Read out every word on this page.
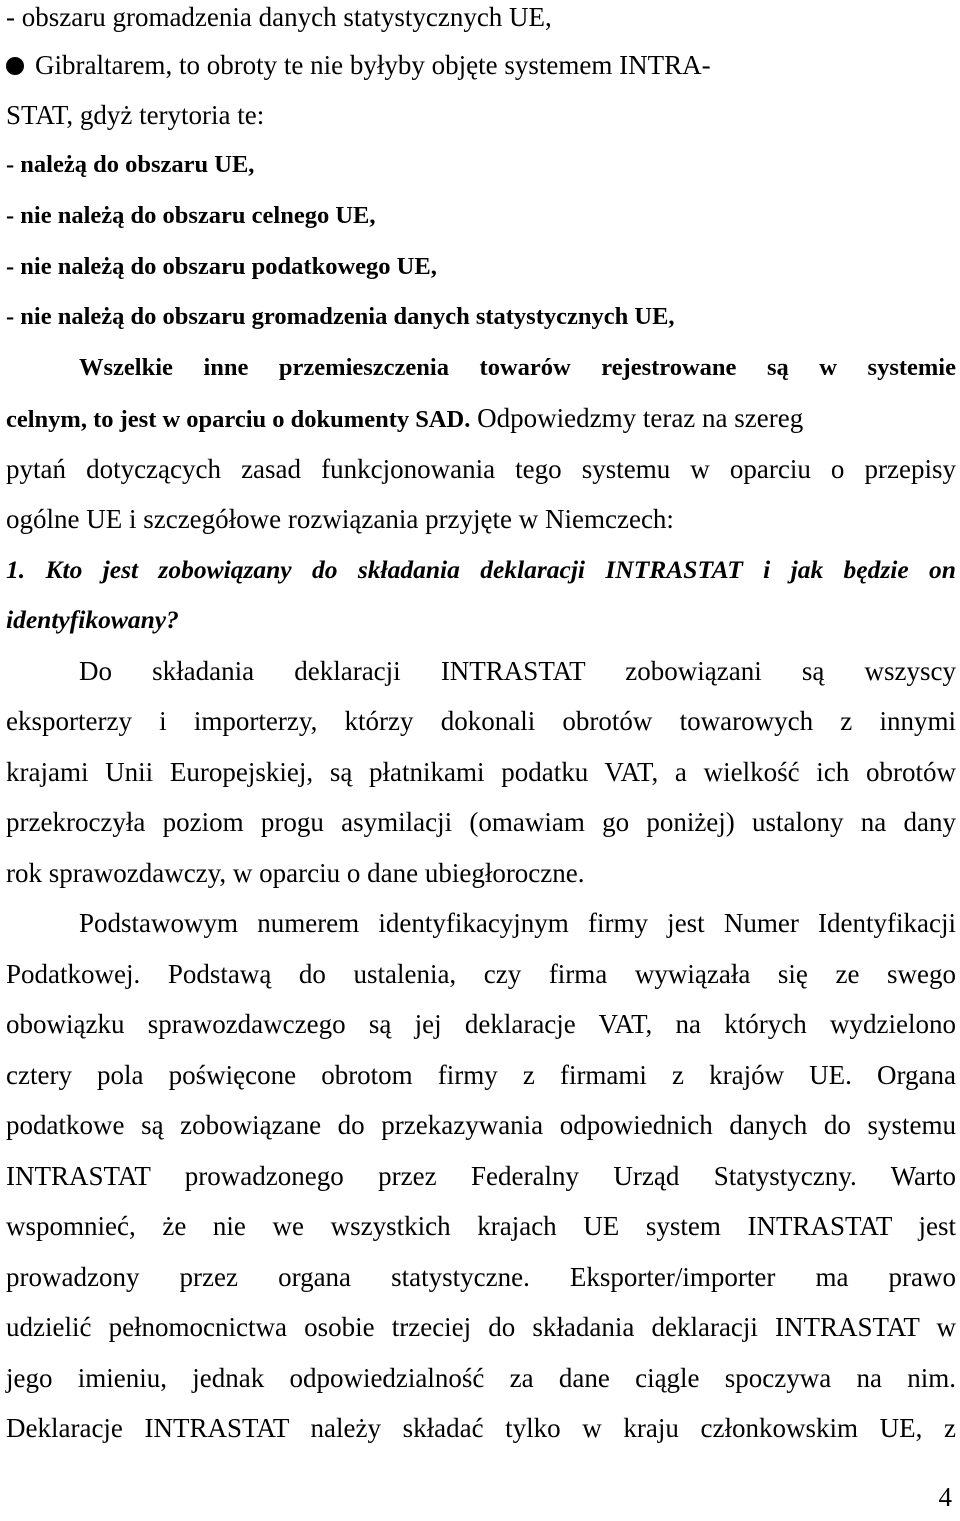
- obszaru gromadzenia danych statystycznych UE,
Gibraltarem, to obroty te nie byłyby objęte systemem INTRA-
STAT, gdyż terytoria te:
- należą do obszaru UE,
- nie należą do obszaru celnego UE,
- nie należą do obszaru podatkowego UE,
- nie należą do obszaru gromadzenia danych statystycznych UE,
Wszelkie inne przemieszczenia towarów rejestrowane są w systemie
celnym, to jest w oparciu o dokumenty SAD. Odpowiedzmy teraz na szereg
pytań dotyczących zasad funkcjonowania tego systemu w oparciu o przepisy
ogólne UE i szczegółowe rozwiązania przyjęte w Niemczech:
1. Kto jest zobowiązany do składania deklaracji INTRASTAT i jak będzie on
identyfikowany?
Do składania deklaracji INTRASTAT zobowiązani są wszyscy
eksporterzy i importerzy, którzy dokonali obrotów towarowych z innymi
krajami Unii Europejskiej, są płatnikami podatku VAT, a wielkość ich obrotów
przekroczyła poziom progu asymilacji (omawiam go poniżej) ustalony na dany
rok sprawozdawczy, w oparciu o dane ubiegłoroczne.
Podstawowym numerem identyfikacyjnym firmy jest Numer Identyfikacji
Podatkowej. Podstawą do ustalenia, czy firma wywiązała się ze swego
obowiązku sprawozdawczego są jej deklaracje VAT, na których wydzielono
cztery pola poświęcone obrotom firmy z firmami z krajów UE. Organa
podatkowe są zobowiązane do przekazywania odpowiednich danych do systemu
INTRASTAT prowadzonego przez Federalny Urząd Statystyczny. Warto
wspomnieć, że nie we wszystkich krajach UE system INTRASTAT jest
prowadzony przez organa statystyczne. Eksporter/importer ma prawo
udzielić pełnomocnictwa osobie trzeciej do składania deklaracji INTRASTAT w
jego imieniu, jednak odpowiedzialność za dane ciągle spoczywa na nim.
Deklaracje INTRASTAT należy składać tylko w kraju członkowskim UE, z
4
